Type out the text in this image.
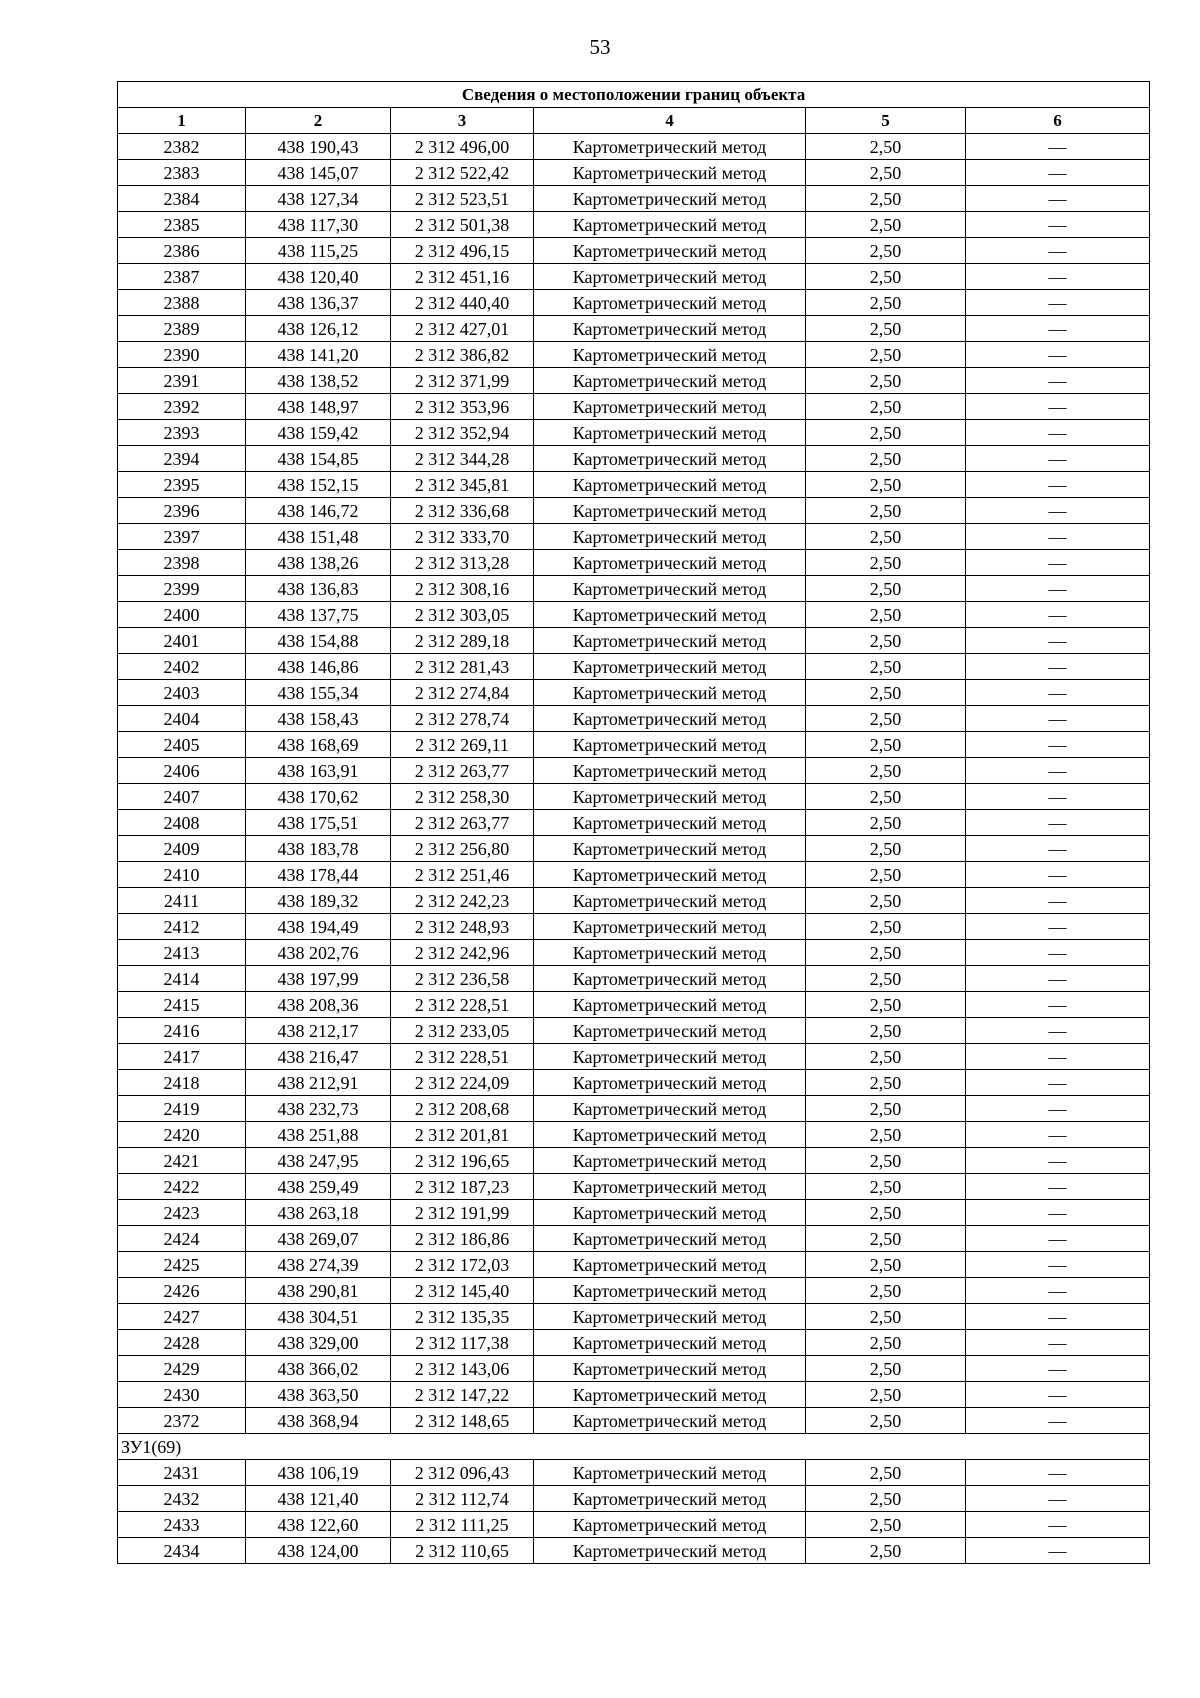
53
Сведения о местоположении границ объекта					
1	2	3	4	5	6
2382	438 190,43	2 312 496,00	Картометрический метод	2,50	—
2383	438 145,07	2 312 522,42	Картометрический метод	2,50	—
2384	438 127,34	2 312 523,51	Картометрический метод	2,50	—
2385	438 117,30	2 312 501,38	Картометрический метод	2,50	—
2386	438 115,25	2 312 496,15	Картометрический метод	2,50	—
2387	438 120,40	2 312 451,16	Картометрический метод	2,50	—
2388	438 136,37	2 312 440,40	Картометрический метод	2,50	—
2389	438 126,12	2 312 427,01	Картометрический метод	2,50	—
2390	438 141,20	2 312 386,82	Картометрический метод	2,50	—
2391	438 138,52	2 312 371,99	Картометрический метод	2,50	—
2392	438 148,97	2 312 353,96	Картометрический метод	2,50	—
2393	438 159,42	2 312 352,94	Картометрический метод	2,50	—
2394	438 154,85	2 312 344,28	Картометрический метод	2,50	—
2395	438 152,15	2 312 345,81	Картометрический метод	2,50	—
2396	438 146,72	2 312 336,68	Картометрический метод	2,50	—
2397	438 151,48	2 312 333,70	Картометрический метод	2,50	—
2398	438 138,26	2 312 313,28	Картометрический метод	2,50	—
2399	438 136,83	2 312 308,16	Картометрический метод	2,50	—
2400	438 137,75	2 312 303,05	Картометрический метод	2,50	—
2401	438 154,88	2 312 289,18	Картометрический метод	2,50	—
2402	438 146,86	2 312 281,43	Картометрический метод	2,50	—
2403	438 155,34	2 312 274,84	Картометрический метод	2,50	—
2404	438 158,43	2 312 278,74	Картометрический метод	2,50	—
2405	438 168,69	2 312 269,11	Картометрический метод	2,50	—
2406	438 163,91	2 312 263,77	Картометрический метод	2,50	—
2407	438 170,62	2 312 258,30	Картометрический метод	2,50	—
2408	438 175,51	2 312 263,77	Картометрический метод	2,50	—
2409	438 183,78	2 312 256,80	Картометрический метод	2,50	—
2410	438 178,44	2 312 251,46	Картометрический метод	2,50	—
2411	438 189,32	2 312 242,23	Картометрический метод	2,50	—
2412	438 194,49	2 312 248,93	Картометрический метод	2,50	—
2413	438 202,76	2 312 242,96	Картометрический метод	2,50	—
2414	438 197,99	2 312 236,58	Картометрический метод	2,50	—
2415	438 208,36	2 312 228,51	Картометрический метод	2,50	—
2416	438 212,17	2 312 233,05	Картометрический метод	2,50	—
2417	438 216,47	2 312 228,51	Картометрический метод	2,50	—
2418	438 212,91	2 312 224,09	Картометрический метод	2,50	—
2419	438 232,73	2 312 208,68	Картометрический метод	2,50	—
2420	438 251,88	2 312 201,81	Картометрический метод	2,50	—
2421	438 247,95	2 312 196,65	Картометрический метод	2,50	—
2422	438 259,49	2 312 187,23	Картометрический метод	2,50	—
2423	438 263,18	2 312 191,99	Картометрический метод	2,50	—
2424	438 269,07	2 312 186,86	Картометрический метод	2,50	—
2425	438 274,39	2 312 172,03	Картометрический метод	2,50	—
2426	438 290,81	2 312 145,40	Картометрический метод	2,50	—
2427	438 304,51	2 312 135,35	Картометрический метод	2,50	—
2428	438 329,00	2 312 117,38	Картометрический метод	2,50	—
2429	438 366,02	2 312 143,06	Картометрический метод	2,50	—
2430	438 363,50	2 312 147,22	Картометрический метод	2,50	—
2372	438 368,94	2 312 148,65	Картометрический метод	2,50	—
ЗУ1(69)					
2431	438 106,19	2 312 096,43	Картометрический метод	2,50	—
2432	438 121,40	2 312 112,74	Картометрический метод	2,50	—
2433	438 122,60	2 312 111,25	Картометрический метод	2,50	—
2434	438 124,00	2 312 110,65	Картометрический метод	2,50	—
